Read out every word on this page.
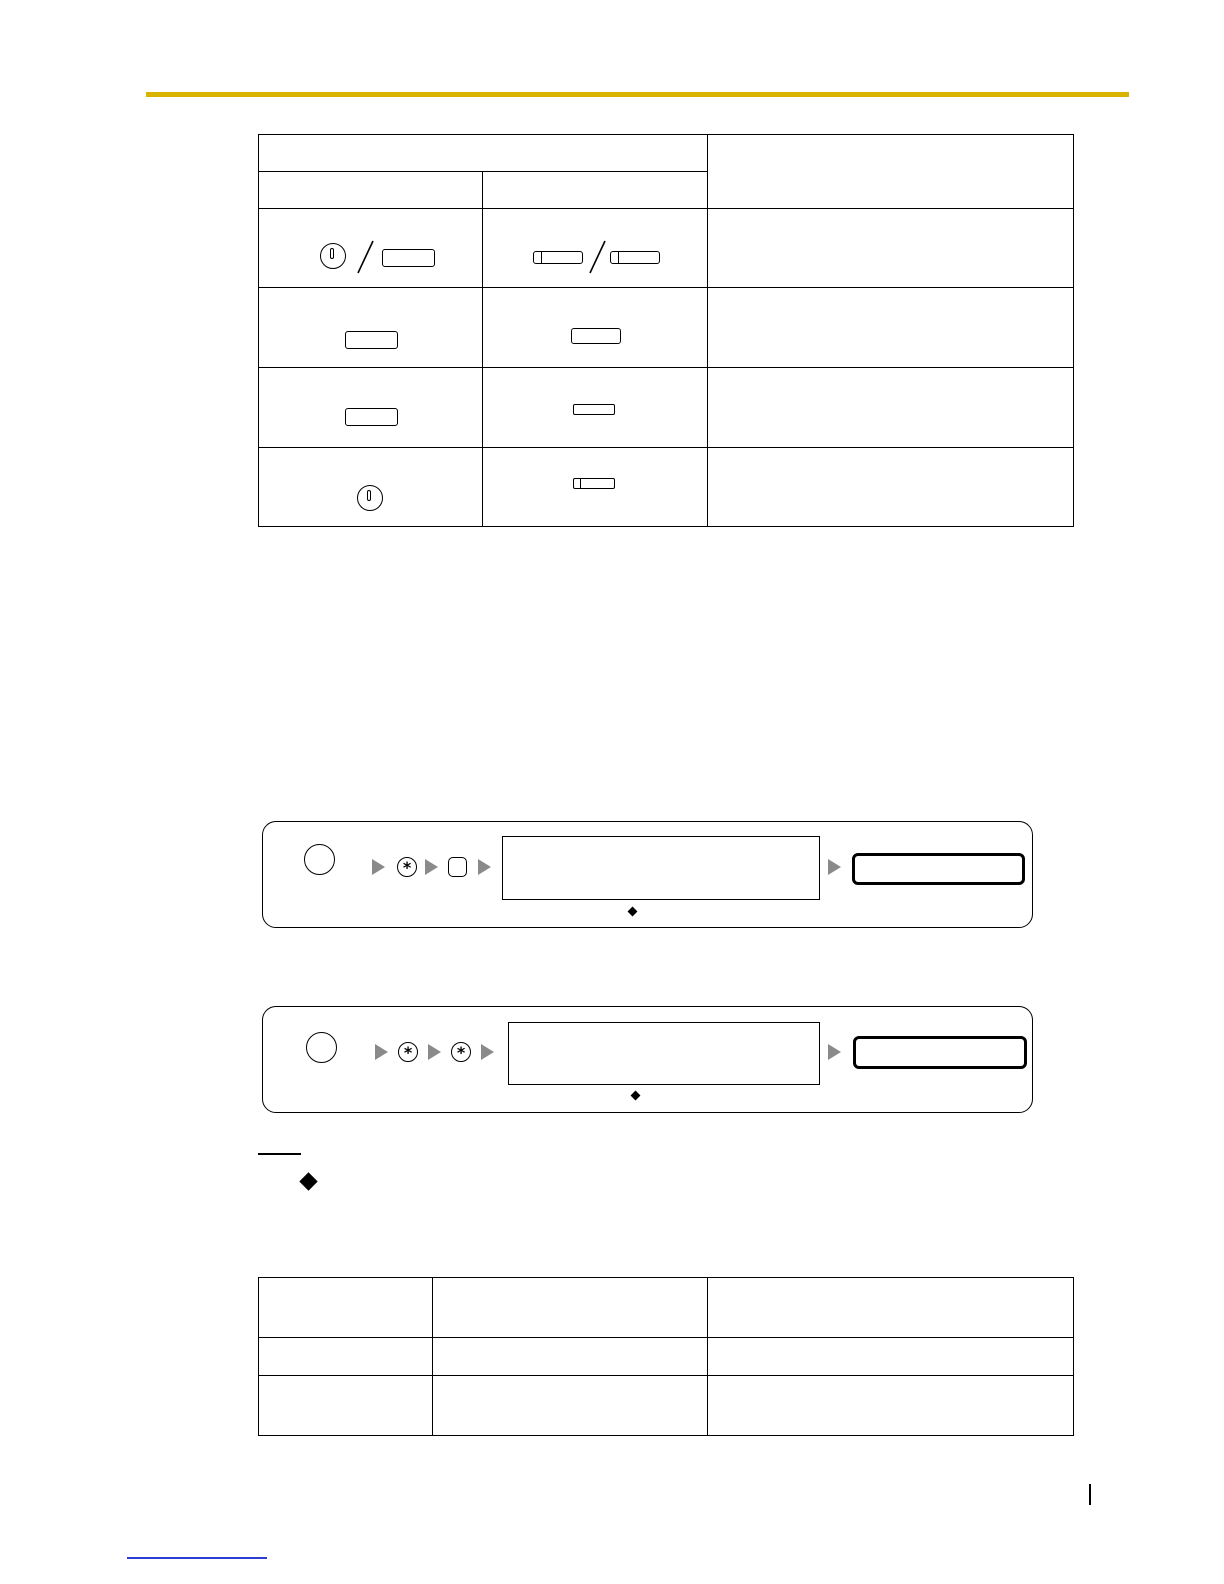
*
*	*
